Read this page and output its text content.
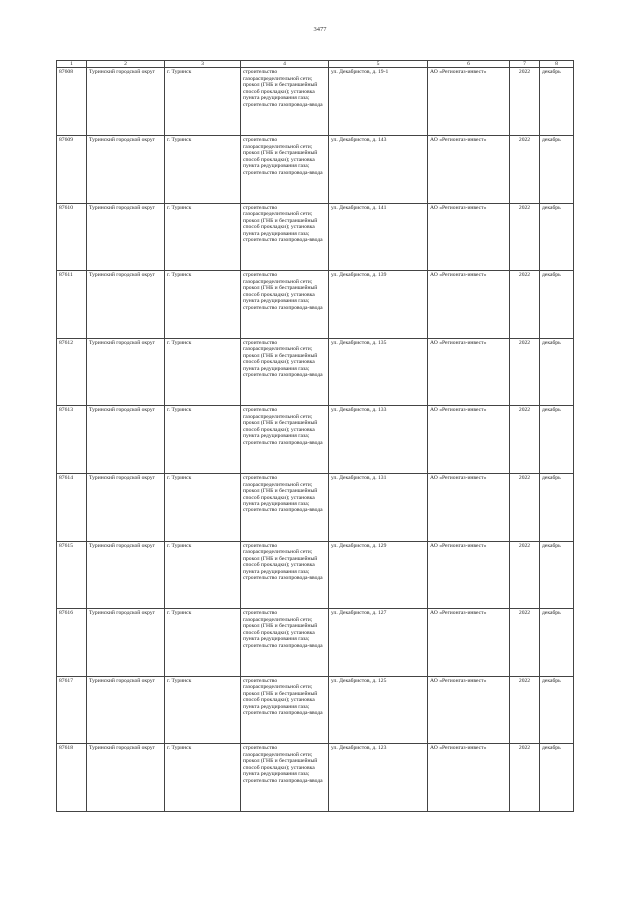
3477
1	2	3	4	5	6	7	8
87608	Туринский городской округ	г. Туринск	строительство газораспределительной сети; прокол (ГНБ и бестраншейный способ прокладки); установка пункта редуцирования газа; строительство газопровода-ввода	ул. Декабристов, д. 19-1	АО «Регионгаз-инвест»	2022	декабрь
87609	Туринский городской округ	г. Туринск	строительство газораспределительной сети; прокол (ГНБ и бестраншейный способ прокладки); установка пункта редуцирования газа; строительство газопровода-ввода	ул. Декабристов, д. 143	АО «Регионгаз-инвест»	2022	декабрь
87610	Туринский городской округ	г. Туринск	строительство газораспределительной сети; прокол (ГНБ и бестраншейный способ прокладки); установка пункта редуцирования газа; строительство газопровода-ввода	ул. Декабристов, д. 141	АО «Регионгаз-инвест»	2022	декабрь
87611	Туринский городской округ	г. Туринск	строительство газораспределительной сети; прокол (ГНБ и бестраншейный способ прокладки); установка пункта редуцирования газа; строительство газопровода-ввода	ул. Декабристов, д. 139	АО «Регионгаз-инвест»	2022	декабрь
87612	Туринский городской округ	г. Туринск	строительство газораспределительной сети; прокол (ГНБ и бестраншейный способ прокладки); установка пункта редуцирования газа; строительство газопровода-ввода	ул. Декабристов, д. 135	АО «Регионгаз-инвест»	2022	декабрь
87613	Туринский городской округ	г. Туринск	строительство газораспределительной сети; прокол (ГНБ и бестраншейный способ прокладки); установка пункта редуцирования газа; строительство газопровода-ввода	ул. Декабристов, д. 133	АО «Регионгаз-инвест»	2022	декабрь
87614	Туринский городской округ	г. Туринск	строительство газораспределительной сети; прокол (ГНБ и бестраншейный способ прокладки); установка пункта редуцирования газа; строительство газопровода-ввода	ул. Декабристов, д. 131	АО «Регионгаз-инвест»	2022	декабрь
87615	Туринский городской округ	г. Туринск	строительство газораспределительной сети; прокол (ГНБ и бестраншейный способ прокладки); установка пункта редуцирования газа; строительство газопровода-ввода	ул. Декабристов, д. 129	АО «Регионгаз-инвест»	2022	декабрь
87616	Туринский городской округ	г. Туринск	строительство газораспределительной сети; прокол (ГНБ и бестраншейный способ прокладки); установка пункта редуцирования газа; строительство газопровода-ввода	ул. Декабристов, д. 127	АО «Регионгаз-инвест»	2022	декабрь
87617	Туринский городской округ	г. Туринск	строительство газораспределительной сети; прокол (ГНБ и бестраншейный способ прокладки); установка пункта редуцирования газа; строительство газопровода-ввода	ул. Декабристов, д. 125	АО «Регионгаз-инвест»	2022	декабрь
87618	Туринский городской округ	г. Туринск	строительство газораспределительной сети; прокол (ГНБ и бестраншейный способ прокладки); установка пункта редуцирования газа; строительство газопровода-ввода	ул. Декабристов, д. 123	АО «Регионгаз-инвест»	2022	декабрь
